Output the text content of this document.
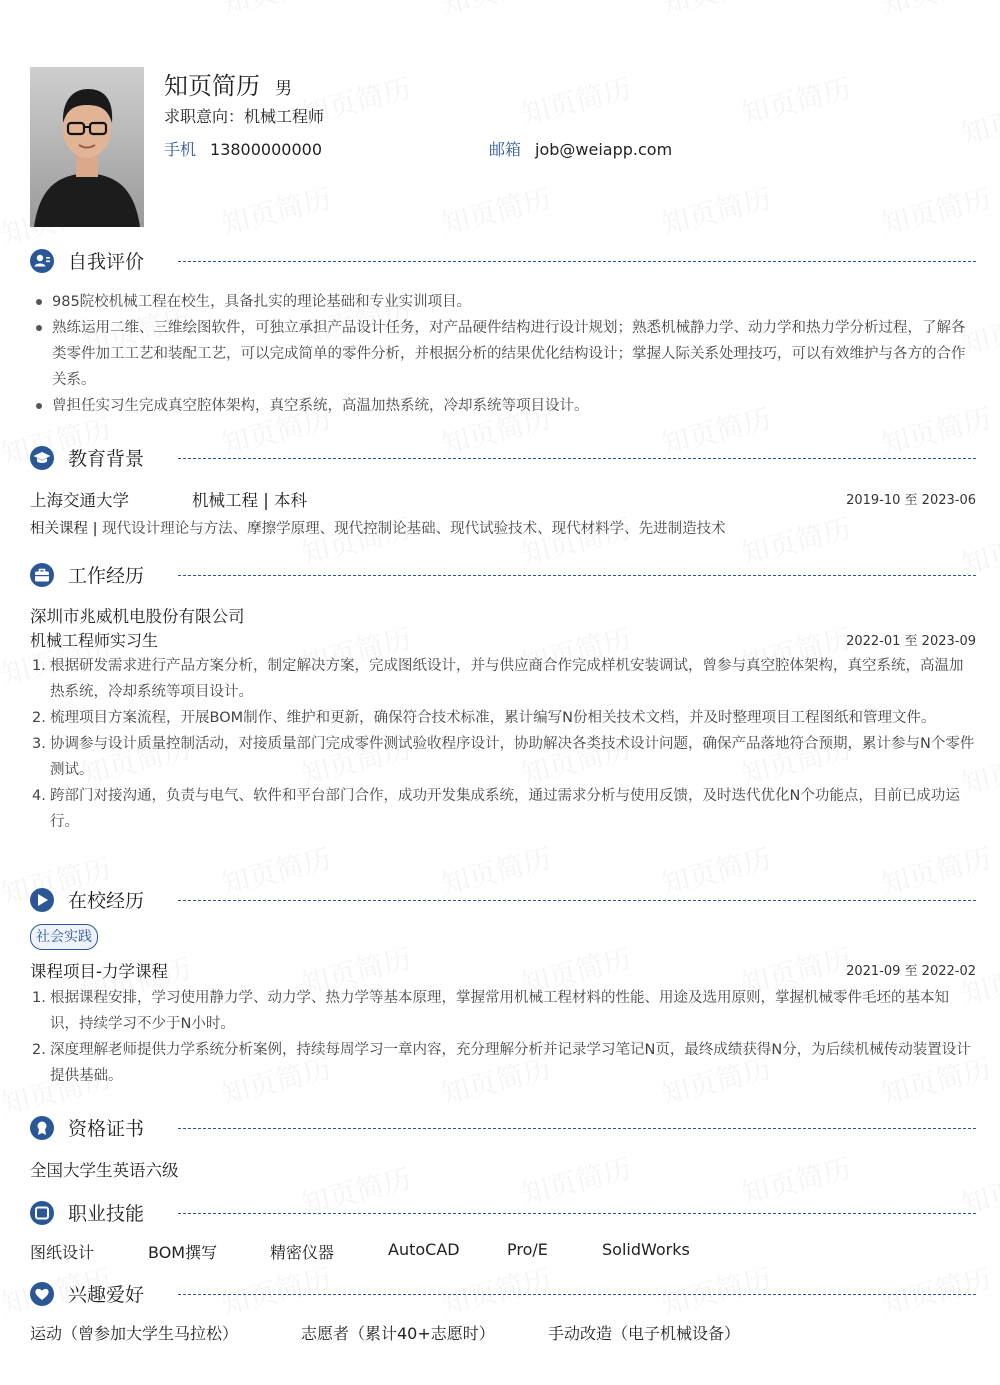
知页简历 男
求职意向：机械工程师
手机 13800000000	邮箱 job@weiapp.com
自我评价
985院校机械工程在校生，具备扎实的理论基础和专业实训项目。
熟练运用二维、三维绘图软件，可独立承担产品设计任务，对产品硬件结构进行设计规划；熟悉机械静力学、动力学和热力学分析过程，了解各类零件加工工艺和装配工艺，可以完成简单的零件分析，并根据分析的结果优化结构设计；掌握人际关系处理技巧，可以有效维护与各方的合作关系。
曾担任实习生完成真空腔体架构，真空系统，高温加热系统，冷却系统等项目设计。
教育背景
上海交通大学	机械工程 | 本科	2019-10 至 2023-06
相关课程 | 现代设计理论与方法、摩擦学原理、现代控制论基础、现代试验技术、现代材料学、先进制造技术
工作经历
深圳市兆威机电股份有限公司
机械工程师实习生	2022-01 至 2023-09
1. 根据研发需求进行产品方案分析，制定解决方案，完成图纸设计，并与供应商合作完成样机安装调试，曾参与真空腔体架构，真空系统，高温加热系统，冷却系统等项目设计。
2. 梳理项目方案流程，开展BOM制作、维护和更新，确保符合技术标准，累计编写N份相关技术文档，并及时整理项目工程图纸和管理文件。
3. 协调参与设计质量控制活动，对接质量部门完成零件测试验收程序设计，协助解决各类技术设计问题，确保产品落地符合预期，累计参与N个零件测试。
4. 跨部门对接沟通，负责与电气、软件和平台部门合作，成功开发集成系统，通过需求分析与使用反馈，及时迭代优化N个功能点，目前已成功运行。
在校经历
社会实践
课程项目-力学课程	2021-09 至 2022-02
1. 根据课程安排，学习使用静力学、动力学、热力学等基本原理，掌握常用机械工程材料的性能、用途及选用原则，掌握机械零件毛坯的基本知识，持续学习不少于N小时。
2. 深度理解老师提供力学系统分析案例，持续每周学习一章内容，充分理解分析并记录学习笔记N页，最终成绩获得N分，为后续机械传动装置设计提供基础。
资格证书
全国大学生英语六级
职业技能
图纸设计	BOM撰写	精密仪器	AutoCAD	Pro/E	SolidWorks
兴趣爱好
运动（曾参加大学生马拉松）	志愿者（累计40+志愿时）	手动改造（电子机械设备）
